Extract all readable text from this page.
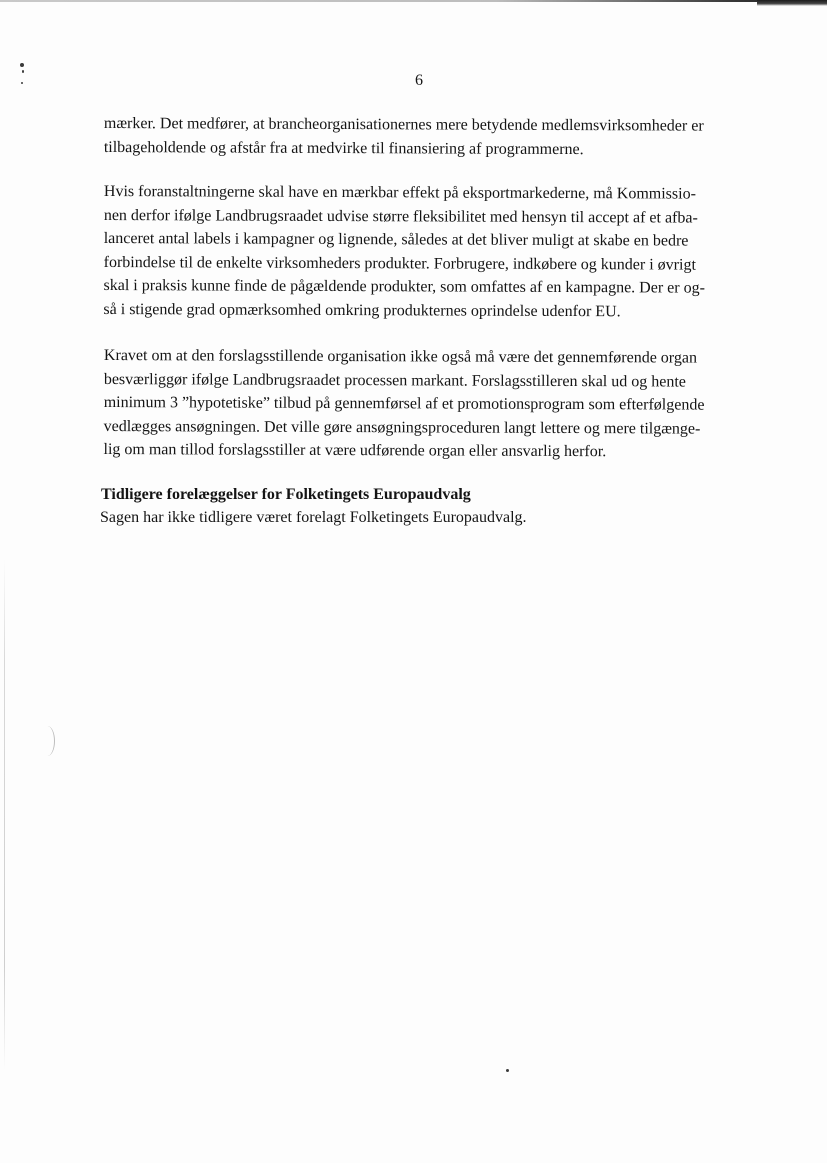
6

mærker. Det medfører, at brancheorganisationernes mere betydende medlemsvirksomheder er
tilbageholdende og afstår fra at medvirke til finansiering af programmerne.

Hvis foranstaltningerne skal have en mærkbar effekt på eksportmarkederne, må Kommissio-
nen derfor ifølge Landbrugsraadet udvise større fleksibilitet med hensyn til accept af et afba-
lanceret antal labels i kampagner og lignende, således at det bliver muligt at skabe en bedre
forbindelse til de enkelte virksomheders produkter. Forbrugere, indkøbere og kunder i øvrigt
skal i praksis kunne finde de pågældende produkter, som omfattes af en kampagne. Der er og-
så i stigende grad opmærksomhed omkring produkternes oprindelse udenfor EU.

Kravet om at den forslagsstillende organisation ikke også må være det gennemførende organ
besværliggør ifølge Landbrugsraadet processen markant. Forslagsstilleren skal ud og hente
minimum 3 ”hypotetiske” tilbud på gennemførsel af et promotionsprogram som efterfølgende
vedlægges ansøgningen. Det ville gøre ansøgningsproceduren langt lettere og mere tilgænge-
lig om man tillod forslagsstiller at være udførende organ eller ansvarlig herfor.

Tidligere forelæggelser for Folketingets Europaudvalg

Sagen har ikke tidligere været forelagt Folketingets Europaudvalg.
